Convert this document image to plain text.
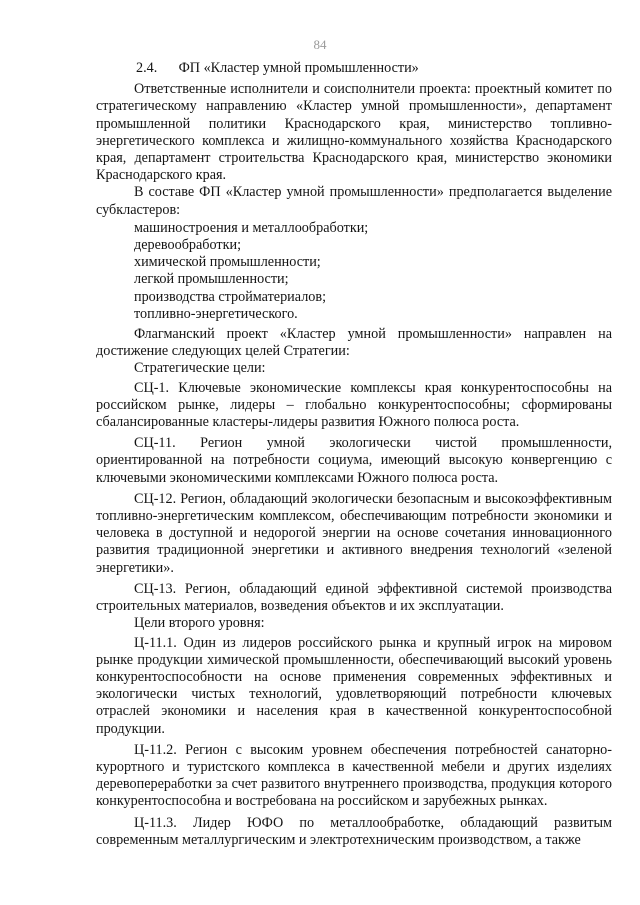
84

2.4. ФП «Кластер умной промышленности»

Ответственные исполнители и соисполнители проекта: проектный комитет по стратегическому направлению «Кластер умной промышленности», департамент промышленной политики Краснодарского края, министерство топливно-энергетического комплекса и жилищно-коммунального хозяйства Краснодарского края, департамент строительства Краснодарского края, министерство экономики Краснодарского края.

В составе ФП «Кластер умной промышленности» предполагается выделение субкластеров:

машиностроения и металлообработки;

деревообработки;

химической промышленности;

легкой промышленности;

производства стройматериалов;

топливно-энергетического.

Флагманский проект «Кластер умной промышленности» направлен на достижение следующих целей Стратегии:

Стратегические цели:

СЦ-1. Ключевые экономические комплексы края конкурентоспособны на российском рынке, лидеры – глобально конкурентоспособны; сформированы сбалансированные кластеры-лидеры развития Южного полюса роста.

СЦ-11. Регион умной экологически чистой промышленности, ориентированной на потребности социума, имеющий высокую конвергенцию с ключевыми экономическими комплексами Южного полюса роста.

СЦ-12. Регион, обладающий экологически безопасным и высокоэффективным топливно-энергетическим комплексом, обеспечивающим потребности экономики и человека в доступной и недорогой энергии на основе сочетания инновационного развития традиционной энергетики и активного внедрения технологий «зеленой энергетики».

СЦ-13. Регион, обладающий единой эффективной системой производства строительных материалов, возведения объектов и их эксплуатации.

Цели второго уровня:

Ц-11.1. Один из лидеров российского рынка и крупный игрок на мировом рынке продукции химической промышленности, обеспечивающий высокий уровень конкурентоспособности на основе применения современных эффективных и экологически чистых технологий, удовлетворяющий потребности ключевых отраслей экономики и населения края в качественной конкурентоспособной продукции.

Ц-11.2. Регион с высоким уровнем обеспечения потребностей санаторно-курортного и туристского комплекса в качественной мебели и других изделиях деревопереработки за счет развитого внутреннего производства, продукция которого конкурентоспособна и востребована на российском и зарубежных рынках.

Ц-11.3. Лидер ЮФО по металлообработке, обладающий развитым современным металлургическим и электротехническим производством, а также
